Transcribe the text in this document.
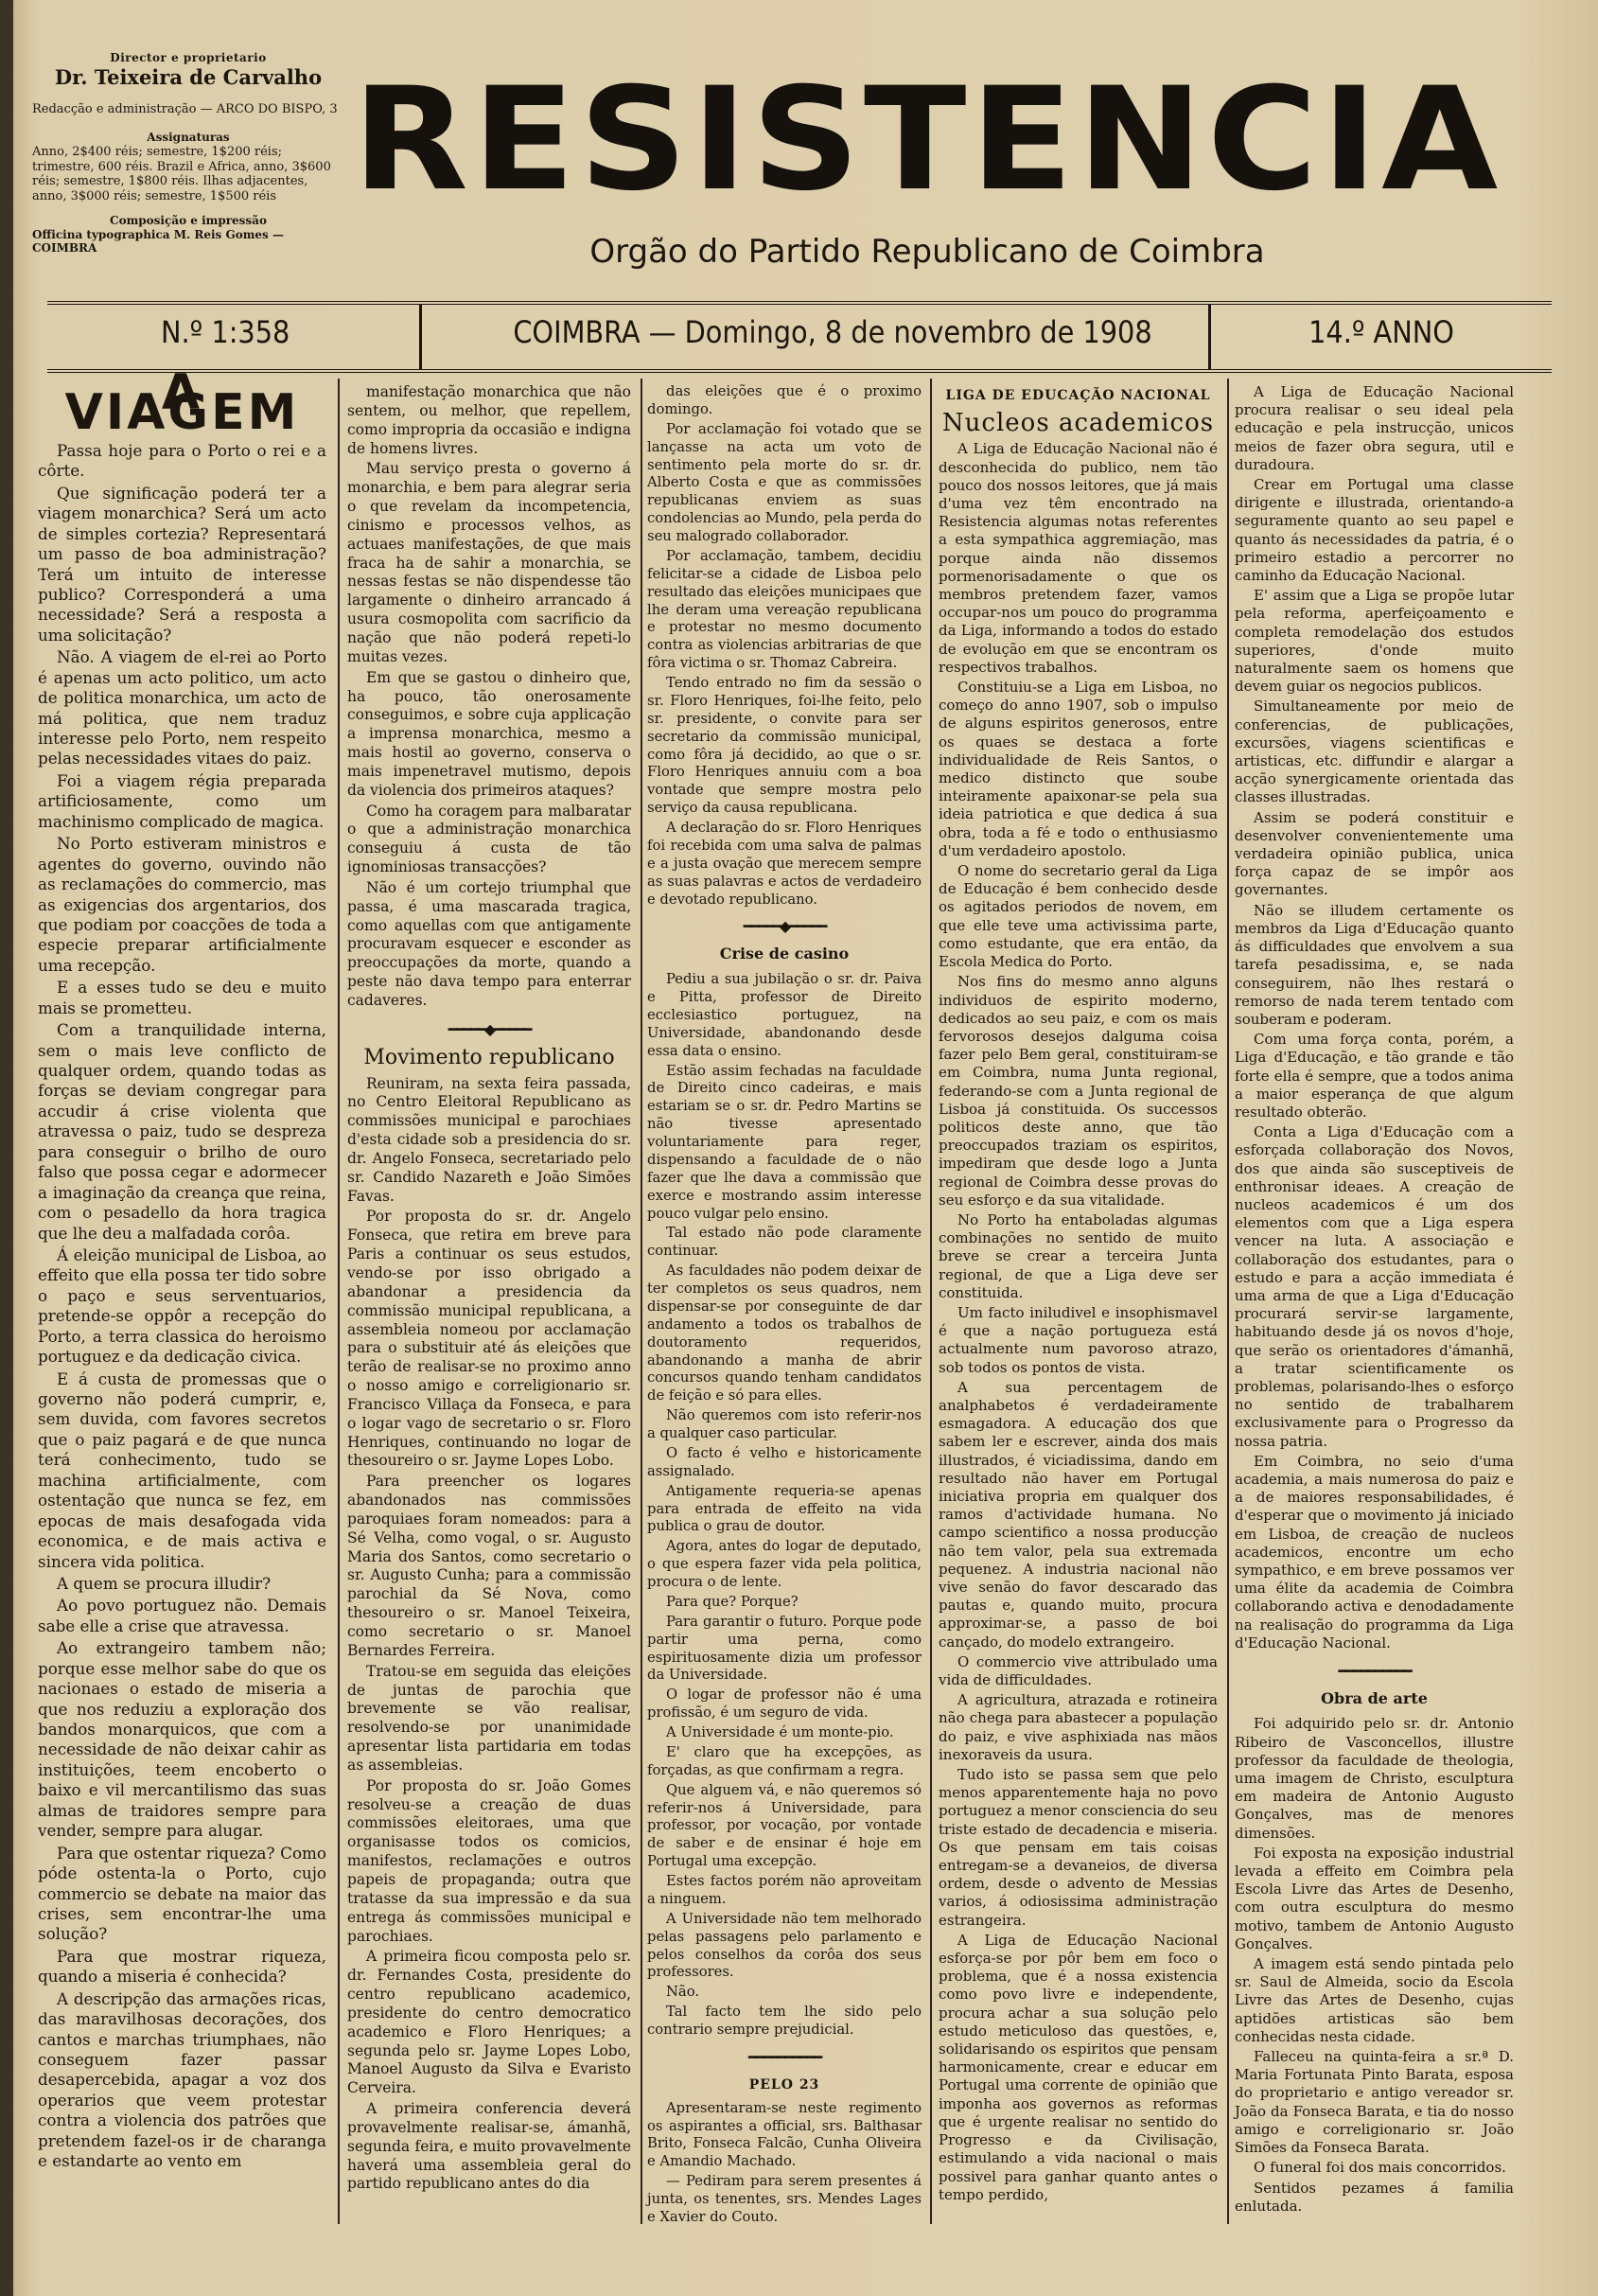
Director e proprietario
Dr. Teixeira de Carvalho
Redacção e administração — ARCO DO BISPO, 3
Assignaturas
Anno, 2$400 réis; semestre, 1$200 réis; trimestre, 600 réis. Brazil e Africa, anno, 3$600 réis; semestre, 1$800 réis. Ilhas adjacentes, anno, 3$000 réis; semestre, 1$500 réis
Composição e impressão
Officina typographica M. Reis Gomes — COIMBRA
RESISTENCIA
Orgão do Partido Republicano de Coimbra
N.º 1:358	COIMBRA — Domingo, 8 de novembro de 1908	14.º ANNO
A VIAGEM

Passa hoje para o Porto o rei e a côrte.

Que significação poderá ter a viagem monarchica? Será um acto de simples cortezia? Representará um passo de boa administração? Terá um intuito de interesse publico? Corresponderá a uma necessidade? Será a resposta a uma solicitação?

Não. A viagem de el-rei ao Porto é apenas um acto politico, um acto de politica monarchica, um acto de má politica, que nem traduz interesse pelo Porto, nem respeito pelas necessidades vitaes do paiz.

Foi a viagem régia preparada artificiosamente, como um machinismo complicado de magica.

No Porto estiveram ministros e agentes do governo, ouvindo não as reclamações do commercio, mas as exigencias dos argentarios, dos que podiam por coacções de toda a especie preparar artificialmente uma recepção.

E a esses tudo se deu e muito mais se prometteu.

Com a tranquilidade interna, sem o mais leve conflicto de qualquer ordem, quando todas as forças se deviam congregar para accudir á crise violenta que atravessa o paiz, tudo se despreza para conseguir o brilho de ouro falso que possa cegar e adormecer a imaginação da creança que reina, com o pesadello da hora tragica que lhe deu a malfadada corôa.

Á eleição municipal de Lisboa, ao effeito que ella possa ter tido sobre o paço e seus serventuarios, pretende-se oppôr a recepção do Porto, a terra classica do heroismo portuguez e da dedicação civica.

E á custa de promessas que o governo não poderá cumprir, e, sem duvida, com favores secretos que o paiz pagará e de que nunca terá conhecimento, tudo se machina artificialmente, com ostentação que nunca se fez, em epocas de mais desafogada vida economica, e de mais activa e sincera vida politica.

A quem se procura illudir?

Ao povo portuguez não. Demais sabe elle a crise que atravessa.

Ao extrangeiro tambem não; porque esse melhor sabe do que os nacionaes o estado de miseria a que nos reduziu a exploração dos bandos monarquicos, que com a necessidade de não deixar cahir as instituições, teem encoberto o baixo e vil mercantilismo das suas almas de traidores sempre para vender, sempre para alugar.

Para que ostentar riqueza? Como póde ostenta-la o Porto, cujo commercio se debate na maior das crises, sem encontrar-lhe uma solução?

Para que mostrar riqueza, quando a miseria é conhecida?

A descripção das armações ricas, das maravilhosas decorações, dos cantos e marchas triumphaes, não conseguem fazer passar desapercebida, apagar a voz dos operarios que veem protestar contra a violencia dos patrões que pretendem fazel-os ir de charanga e estandarte ao vento em

manifestação monarchica que não sentem, ou melhor, que repellem, como impropria da occasião e indigna de homens livres.

Mau serviço presta o governo á monarchia, e bem para alegrar seria o que revelam da incompetencia, cinismo e processos velhos, as actuaes manifestações, de que mais fraca ha de sahir a monarchia, se nessas festas se não dispendesse tão largamente o dinheiro arrancado á usura cosmopolita com sacrificio da nação que não poderá repeti-lo muitas vezes.

Em que se gastou o dinheiro que, ha pouco, tão onerosamente conseguimos, e sobre cuja applicação a imprensa monarchica, mesmo a mais hostil ao governo, conserva o mais impenetravel mutismo, depois da violencia dos primeiros ataques?

Como ha coragem para malbaratar o que a administração monarchica conseguiu á custa de tão ignominiosas transacções?

Não é um cortejo triumphal que passa, é uma mascarada tragica, como aquellas com que antigamente procuravam esquecer e esconder as preoccupações da morte, quando a peste não dava tempo para enterrar cadaveres.

━━━━━◆━━━━━
Movimento republicano

Reuniram, na sexta feira passada, no Centro Eleitoral Republicano as commissões municipal e parochiaes d'esta cidade sob a presidencia do sr. dr. Angelo Fonseca, secretariado pelo sr. Candido Nazareth e João Simões Favas.

Por proposta do sr. dr. Angelo Fonseca, que retira em breve para Paris a continuar os seus estudos, vendo-se por isso obrigado a abandonar a presidencia da commissão municipal republicana, a assembleia nomeou por acclamação para o substituir até ás eleições que terão de realisar-se no proximo anno o nosso amigo e correligionario sr. Francisco Villaça da Fonseca, e para o logar vago de secretario o sr. Floro Henriques, continuando no logar de thesoureiro o sr. Jayme Lopes Lobo.

Para preencher os logares abandonados nas commissões paroquiaes foram nomeados: para a Sé Velha, como vogal, o sr. Augusto Maria dos Santos, como secretario o sr. Augusto Cunha; para a commissão parochial da Sé Nova, como thesoureiro o sr. Manoel Teixeira, como secretario o sr. Manoel Bernardes Ferreira.

Tratou-se em seguida das eleições de juntas de parochia que brevemente se vão realisar, resolvendo-se por unanimidade apresentar lista partidaria em todas as assembleias.

Por proposta do sr. João Gomes resolveu-se a creação de duas commissões eleitoraes, uma que organisasse todos os comicios, manifestos, reclamações e outros papeis de propaganda; outra que tratasse da sua impressão e da sua entrega ás commissões municipal e parochiaes.

A primeira ficou composta pelo sr. dr. Fernandes Costa, presidente do centro republicano academico, presidente do centro democratico academico e Floro Henriques; a segunda pelo sr. Jayme Lopes Lobo, Manoel Augusto da Silva e Evaristo Cerveira.

A primeira conferencia deverá provavelmente realisar-se, ámanhã, segunda feira, e muito provavelmente haverá uma assembleia geral do partido republicano antes do dia

das eleições que é o proximo domingo.

Por acclamação foi votado que se lançasse na acta um voto de sentimento pela morte do sr. dr. Alberto Costa e que as commissões republicanas enviem as suas condolencias ao Mundo, pela perda do seu malogrado collaborador.

Por acclamação, tambem, decidiu felicitar-se a cidade de Lisboa pelo resultado das eleições municipaes que lhe deram uma vereação republicana e protestar no mesmo documento contra as violencias arbitrarias de que fôra victima o sr. Thomaz Cabreira.

Tendo entrado no fim da sessão o sr. Floro Henriques, foi-lhe feito, pelo sr. presidente, o convite para ser secretario da commissão municipal, como fôra já decidido, ao que o sr. Floro Henriques annuiu com a boa vontade que sempre mostra pelo serviço da causa republicana.

A declaração do sr. Floro Henriques foi recebida com uma salva de palmas e a justa ovação que merecem sempre as suas palavras e actos de verdadeiro e devotado republicano.

━━━━━◆━━━━━
Crise de casino

Pediu a sua jubilação o sr. dr. Paiva e Pitta, professor de Direito ecclesiastico portuguez, na Universidade, abandonando desde essa data o ensino.

Estão assim fechadas na faculdade de Direito cinco cadeiras, e mais estariam se o sr. dr. Pedro Martins se não tivesse apresentado voluntariamente para reger, dispensando a faculdade de o não fazer que lhe dava a commissão que exerce e mostrando assim interesse pouco vulgar pelo ensino.

Tal estado não pode claramente continuar.

As faculdades não podem deixar de ter completos os seus quadros, nem dispensar-se por conseguinte de dar andamento a todos os trabalhos de doutoramento requeridos, abandonando a manha de abrir concursos quando tenham candidatos de feição e só para elles.

Não queremos com isto referir-nos a qualquer caso particular.

O facto é velho e historicamente assignalado.

Antigamente requeria-se apenas para entrada de effeito na vida publica o grau de doutor.

Agora, antes do logar de deputado, o que espera fazer vida pela politica, procura o de lente.

Para que? Porque?

Para garantir o futuro. Porque pode partir uma perna, como espirituosamente dizia um professor da Universidade.

O logar de professor não é uma profissão, é um seguro de vida.

A Universidade é um monte-pio.

E' claro que ha excepções, as forçadas, as que confirmam a regra.

Que alguem vá, e não queremos só referir-nos á Universidade, para professor, por vocação, por vontade de saber e de ensinar é hoje em Portugal uma excepção.

Estes factos porém não aproveitam a ninguem.

A Universidade não tem melhorado pelas passagens pelo parlamento e pelos conselhos da corôa dos seus professores.

Não.

Tal facto tem lhe sido pelo contrario sempre prejudicial.

━━━━━━━━━━
PELO 23

Apresentaram-se neste regimento os aspirantes a official, srs. Balthasar Brito, Fonseca Falcão, Cunha Oliveira e Amandio Machado.

— Pediram para serem presentes á junta, os tenentes, srs. Mendes Lages e Xavier do Couto.

LIGA DE EDUCAÇÃO NACIONAL
Nucleos academicos

A Liga de Educação Nacional não é desconhecida do publico, nem tão pouco dos nossos leitores, que já mais d'uma vez têm encontrado na Resistencia algumas notas referentes a esta sympathica aggremiação, mas porque ainda não dissemos pormenorisadamente o que os membros pretendem fazer, vamos occupar-nos um pouco do programma da Liga, informando a todos do estado de evolução em que se encontram os respectivos trabalhos.

Constituiu-se a Liga em Lisboa, no começo do anno 1907, sob o impulso de alguns espiritos generosos, entre os quaes se destaca a forte individualidade de Reis Santos, o medico distincto que soube inteiramente apaixonar-se pela sua ideia patriotica e que dedica á sua obra, toda a fé e todo o enthusiasmo d'um verdadeiro apostolo.

O nome do secretario geral da Liga de Educação é bem conhecido desde os agitados periodos de novem, em que elle teve uma activissima parte, como estudante, que era então, da Escola Medica do Porto.

Nos fins do mesmo anno alguns individuos de espirito moderno, dedicados ao seu paiz, e com os mais fervorosos desejos dalguma coisa fazer pelo Bem geral, constituiram-se em Coimbra, numa Junta regional, federando-se com a Junta regional de Lisboa já constituida. Os successos politicos deste anno, que tão preoccupados traziam os espiritos, impediram que desde logo a Junta regional de Coimbra desse provas do seu esforço e da sua vitalidade.

No Porto ha entaboladas algumas combinações no sentido de muito breve se crear a terceira Junta regional, de que a Liga deve ser constituida.

Um facto iniludivel e insophismavel é que a nação portugueza está actualmente num pavoroso atrazo, sob todos os pontos de vista.

A sua percentagem de analphabetos é verdadeiramente esmagadora. A educação dos que sabem ler e escrever, ainda dos mais illustrados, é viciadissima, dando em resultado não haver em Portugal iniciativa propria em qualquer dos ramos d'actividade humana. No campo scientifico a nossa producção não tem valor, pela sua extremada pequenez. A industria nacional não vive senão do favor descarado das pautas e, quando muito, procura approximar-se, a passo de boi cançado, do modelo extrangeiro.

O commercio vive attribulado uma vida de difficuldades.

A agricultura, atrazada e rotineira não chega para abastecer a população do paiz, e vive asphixiada nas mãos inexoraveis da usura.

Tudo isto se passa sem que pelo menos apparentemente haja no povo portuguez a menor consciencia do seu triste estado de decadencia e miseria. Os que pensam em tais coisas entregam-se a devaneios, de diversa ordem, desde o advento de Messias varios, á odiosissima administração estrangeira.

A Liga de Educação Nacional esforça-se por pôr bem em foco o problema, que é a nossa existencia como povo livre e independente, procura achar a sua solução pelo estudo meticuloso das questões, e, solidarisando os espiritos que pensam harmonicamente, crear e educar em Portugal uma corrente de opinião que imponha aos governos as reformas que é urgente realisar no sentido do Progresso e da Civilisação, estimulando a vida nacional o mais possivel para ganhar quanto antes o tempo perdido,

A Liga de Educação Nacional procura realisar o seu ideal pela educação e pela instrucção, unicos meios de fazer obra segura, util e duradoura.

Crear em Portugal uma classe dirigente e illustrada, orientando-a seguramente quanto ao seu papel e quanto ás necessidades da patria, é o primeiro estadio a percorrer no caminho da Educação Nacional.

E' assim que a Liga se propõe lutar pela reforma, aperfeiçoamento e completa remodelação dos estudos superiores, d'onde muito naturalmente saem os homens que devem guiar os negocios publicos.

Simultaneamente por meio de conferencias, de publicações, excursões, viagens scientificas e artisticas, etc. diffundir e alargar a acção synergicamente orientada das classes illustradas.

Assim se poderá constituir e desenvolver convenientemente uma verdadeira opinião publica, unica força capaz de se impôr aos governantes.

Não se illudem certamente os membros da Liga d'Educação quanto ás difficuldades que envolvem a sua tarefa pesadissima, e, se nada conseguirem, não lhes restará o remorso de nada terem tentado com souberam e poderam.

Com uma força conta, porém, a Liga d'Educação, e tão grande e tão forte ella é sempre, que a todos anima a maior esperança de que algum resultado obterão.

Conta a Liga d'Educação com a esforçada collaboração dos Novos, dos que ainda são susceptiveis de enthronisar ideaes. A creação de nucleos academicos é um dos elementos com que a Liga espera vencer na luta. A associação e collaboração dos estudantes, para o estudo e para a acção immediata é uma arma de que a Liga d'Educação procurará servir-se largamente, habituando desde já os novos d'hoje, que serão os orientadores d'ámanhã, a tratar scientificamente os problemas, polarisando-lhes o esforço no sentido de trabalharem exclusivamente para o Progresso da nossa patria.

Em Coimbra, no seio d'uma academia, a mais numerosa do paiz e a de maiores responsabilidades, é d'esperar que o movimento já iniciado em Lisboa, de creação de nucleos academicos, encontre um echo sympathico, e em breve possamos ver uma élite da academia de Coimbra collaborando activa e denodadamente na realisação do programma da Liga d'Educação Nacional.

━━━━━━━━━━
Obra de arte

Foi adquirido pelo sr. dr. Antonio Ribeiro de Vasconcellos, illustre professor da faculdade de theologia, uma imagem de Christo, esculptura em madeira de Antonio Augusto Gonçalves, mas de menores dimensões.

Foi exposta na exposição industrial levada a effeito em Coimbra pela Escola Livre das Artes de Desenho, com outra esculptura do mesmo motivo, tambem de Antonio Augusto Gonçalves.

A imagem está sendo pintada pelo sr. Saul de Almeida, socio da Escola Livre das Artes de Desenho, cujas aptidões artisticas são bem conhecidas nesta cidade.

Falleceu na quinta-feira a sr.ª D. Maria Fortunata Pinto Barata, esposa do proprietario e antigo vereador sr. João da Fonseca Barata, e tia do nosso amigo e correligionario sr. João Simões da Fonseca Barata.

O funeral foi dos mais concorridos.

Sentidos pezames á familia enlutada.
